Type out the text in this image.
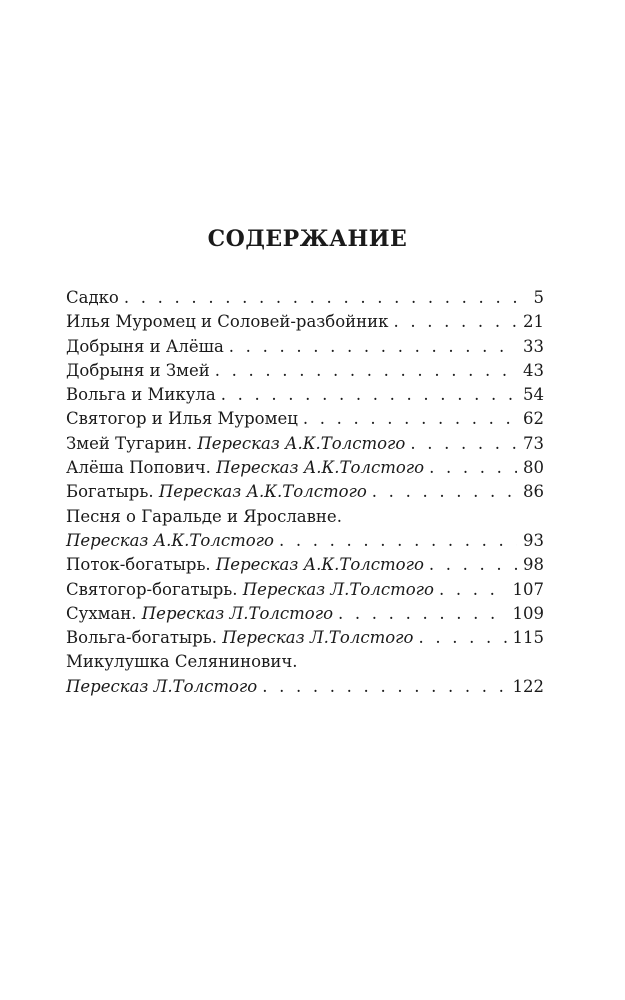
СОДЕРЖАНИЕ
Садко . . .	5
Илья Муромец и Соловей-разбойник . . .	21
Добрыня и Алёша . . .	33
Добрыня и Змей . . .	43
Вольга и Микула . . .	54
Святогор и Илья Муромец . . .	62
Змей Тугарин. Пересказ А.К.Толстого . . .	73
Алёша Попович. Пересказ А.К.Толстого . . .	80
Богатырь. Пересказ А.К.Толстого . . .	86
Песня о Гаральде и Ярославне.
Пересказ А.К.Толстого . . .	93
Поток-богатырь. Пересказ А.К.Толстого . . .	98
Святогор-богатырь. Пересказ Л.Толстого . . .	107
Сухман. Пересказ Л.Толстого . . .	109
Вольга-богатырь. Пересказ Л.Толстого . . .	115
Микулушка Селянинович.
Пересказ Л.Толстого . . .	122
